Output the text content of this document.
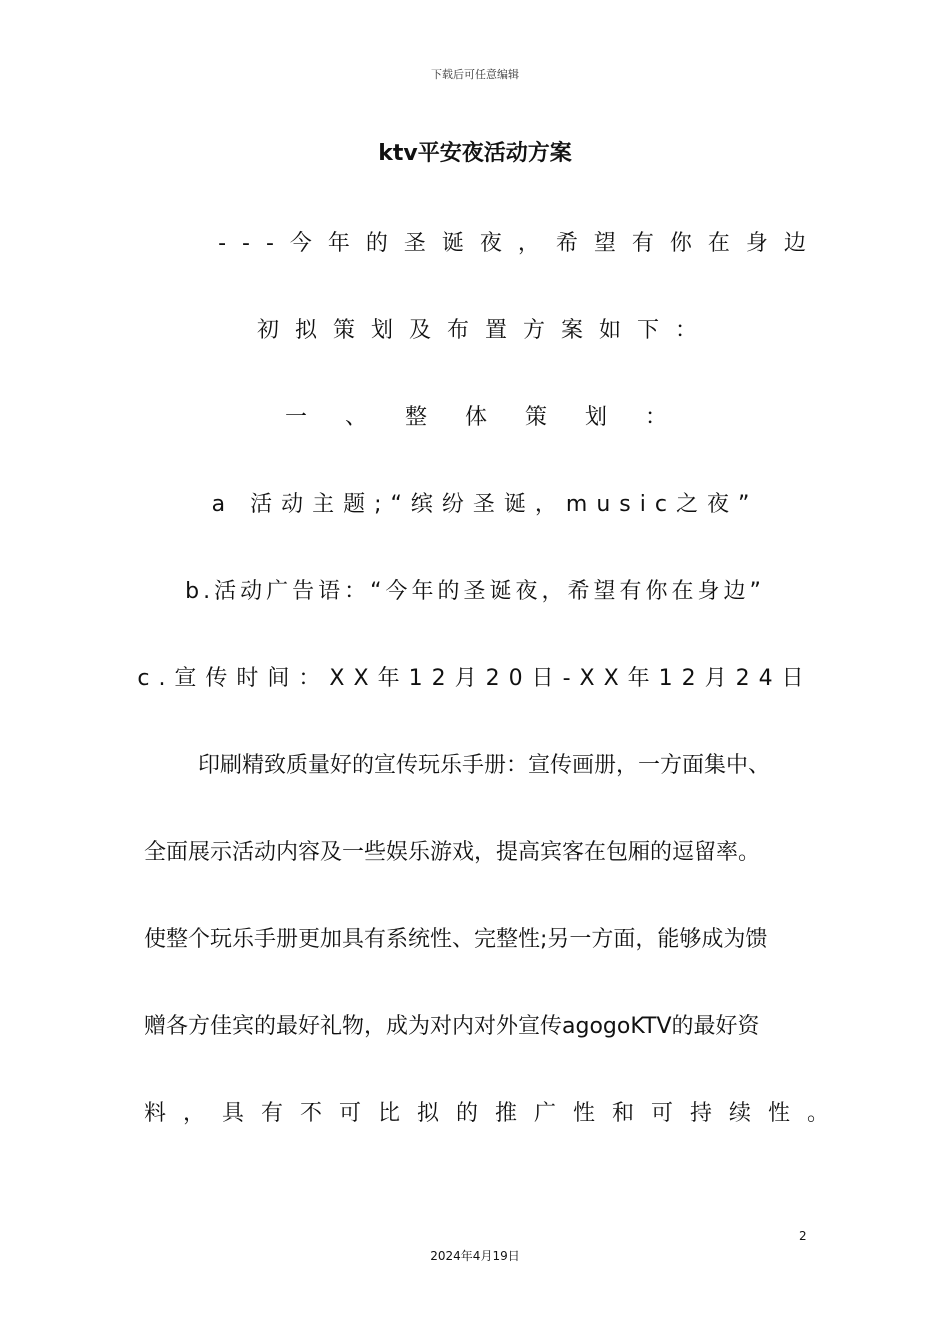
下载后可任意编辑
ktv平安夜活动方案
---今年的圣诞夜，希望有你在身边
初拟策划及布置方案如下：
一、整体策划：
a 活动主题;“缤纷圣诞，music之夜”
b.活动广告语：“今年的圣诞夜，希望有你在身边”
c.宣传时间：XX年12月20日-XX年12月24日
印刷精致质量好的宣传玩乐手册：宣传画册，一方面集中、
全面展示活动内容及一些娱乐游戏，提高宾客在包厢的逗留率。
使整个玩乐手册更加具有系统性、完整性;另一方面，能够成为馈
赠各方佳宾的最好礼物，成为对内对外宣传agogoKTV的最好资
料，具有不可比拟的推广性和可持续性。
2
2024年4月19日
